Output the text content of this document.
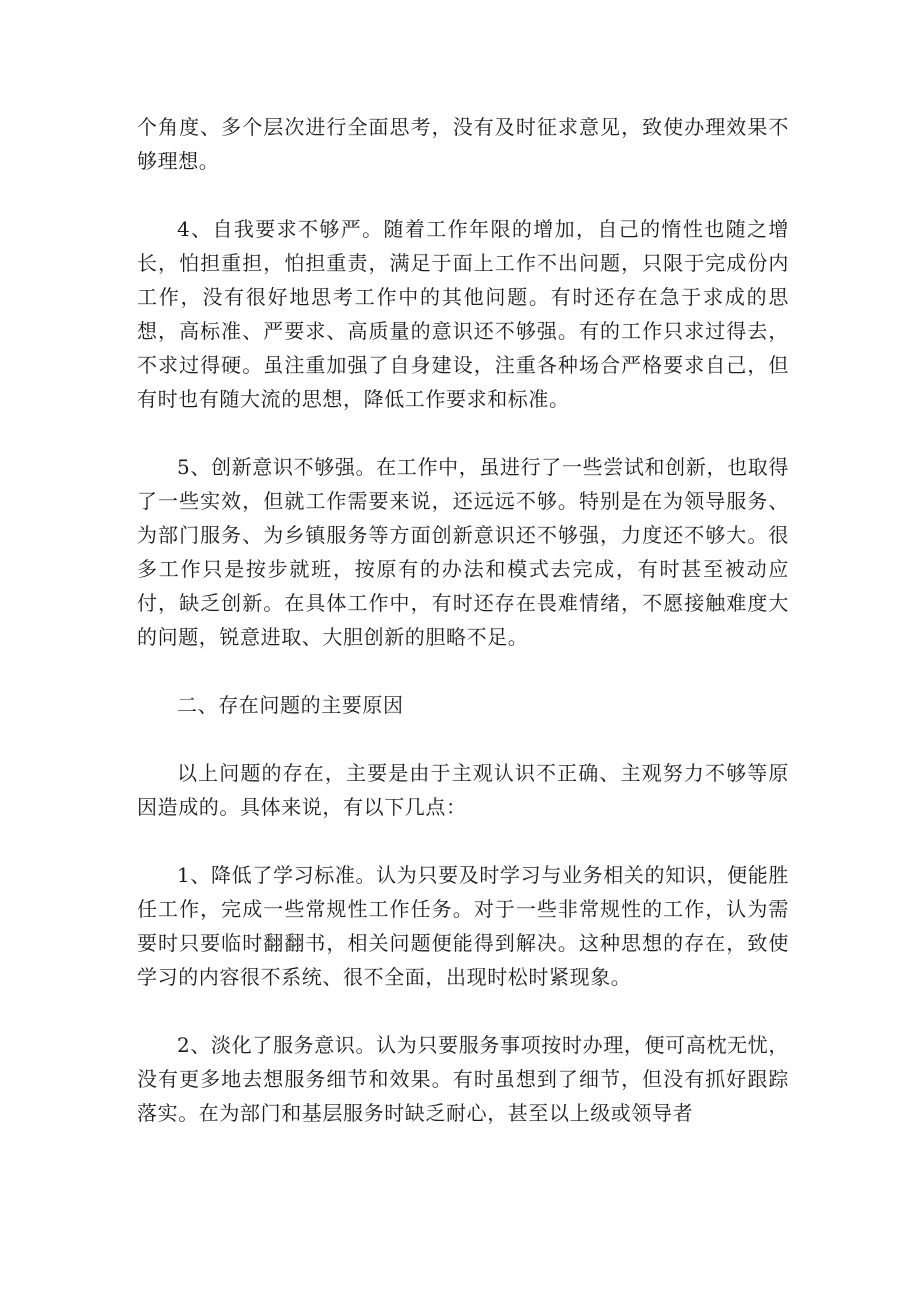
个角度、多个层次进行全面思考，没有及时征求意见，致使办理效果不够理想。

4、自我要求不够严。随着工作年限的增加，自己的惰性也随之增长，怕担重担，怕担重责，满足于面上工作不出问题，只限于完成份内工作，没有很好地思考工作中的其他问题。有时还存在急于求成的思想，高标准、严要求、高质量的意识还不够强。有的工作只求过得去，不求过得硬。虽注重加强了自身建设，注重各种场合严格要求自己，但有时也有随大流的思想，降低工作要求和标准。

5、创新意识不够强。在工作中，虽进行了一些尝试和创新，也取得了一些实效，但就工作需要来说，还远远不够。特别是在为领导服务、为部门服务、为乡镇服务等方面创新意识还不够强，力度还不够大。很多工作只是按步就班，按原有的办法和模式去完成，有时甚至被动应付，缺乏创新。在具体工作中，有时还存在畏难情绪，不愿接触难度大的问题，锐意进取、大胆创新的胆略不足。

二、存在问题的主要原因

以上问题的存在，主要是由于主观认识不正确、主观努力不够等原因造成的。具体来说，有以下几点：

1、降低了学习标准。认为只要及时学习与业务相关的知识，便能胜任工作，完成一些常规性工作任务。对于一些非常规性的工作，认为需要时只要临时翻翻书，相关问题便能得到解决。这种思想的存在，致使学习的内容很不系统、很不全面，出现时松时紧现象。

2、淡化了服务意识。认为只要服务事项按时办理，便可高枕无忧，没有更多地去想服务细节和效果。有时虽想到了细节，但没有抓好跟踪落实。在为部门和基层服务时缺乏耐心，甚至以上级或领导者
